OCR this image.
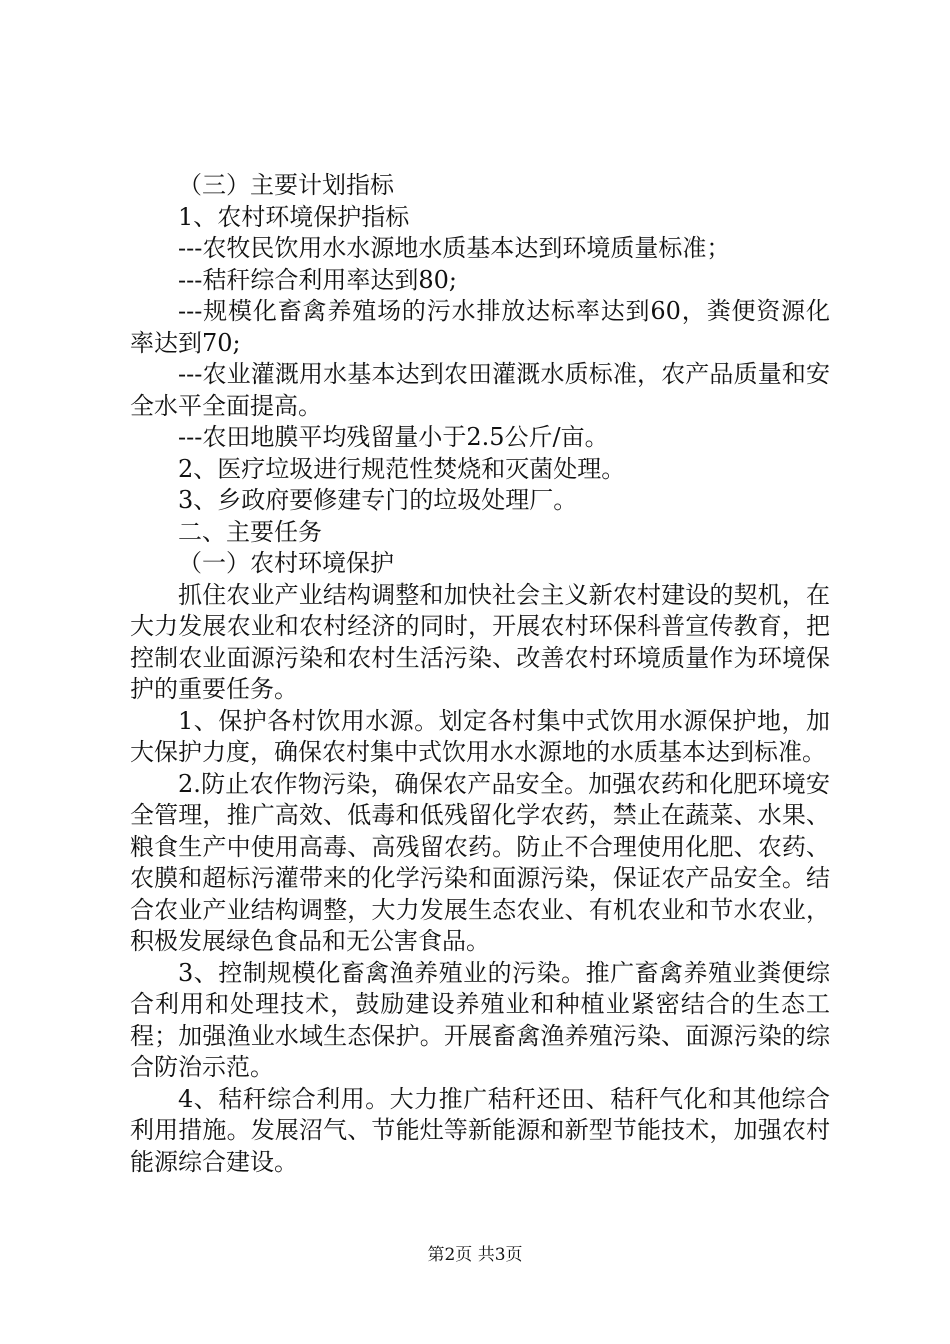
（三）主要计划指标

1、农村环境保护指标

---农牧民饮用水水源地水质基本达到环境质量标准；

---秸秆综合利用率达到80;

---规模化畜禽养殖场的污水排放达标率达到60，粪便资源化率达到70;

---农业灌溉用水基本达到农田灌溉水质标准，农产品质量和安全水平全面提高。

---农田地膜平均残留量小于2.5公斤/亩。

2、医疗垃圾进行规范性焚烧和灭菌处理。

3、乡政府要修建专门的垃圾处理厂。

二、主要任务

（一）农村环境保护

抓住农业产业结构调整和加快社会主义新农村建设的契机，在大力发展农业和农村经济的同时，开展农村环保科普宣传教育，把控制农业面源污染和农村生活污染、改善农村环境质量作为环境保护的重要任务。

1、保护各村饮用水源。划定各村集中式饮用水源保护地，加大保护力度，确保农村集中式饮用水水源地的水质基本达到标准。

2.防止农作物污染，确保农产品安全。加强农药和化肥环境安全管理，推广高效、低毒和低残留化学农药，禁止在蔬菜、水果、粮食生产中使用高毒、高残留农药。防止不合理使用化肥、农药、农膜和超标污灌带来的化学污染和面源污染，保证农产品安全。结合农业产业结构调整，大力发展生态农业、有机农业和节水农业，积极发展绿色食品和无公害食品。

3、控制规模化畜禽渔养殖业的污染。推广畜禽养殖业粪便综合利用和处理技术，鼓励建设养殖业和种植业紧密结合的生态工程；加强渔业水域生态保护。开展畜禽渔养殖污染、面源污染的综合防治示范。

4、秸秆综合利用。大力推广秸秆还田、秸秆气化和其他综合利用措施。发展沼气、节能灶等新能源和新型节能技术，加强农村能源综合建设。

第2页 共3页
